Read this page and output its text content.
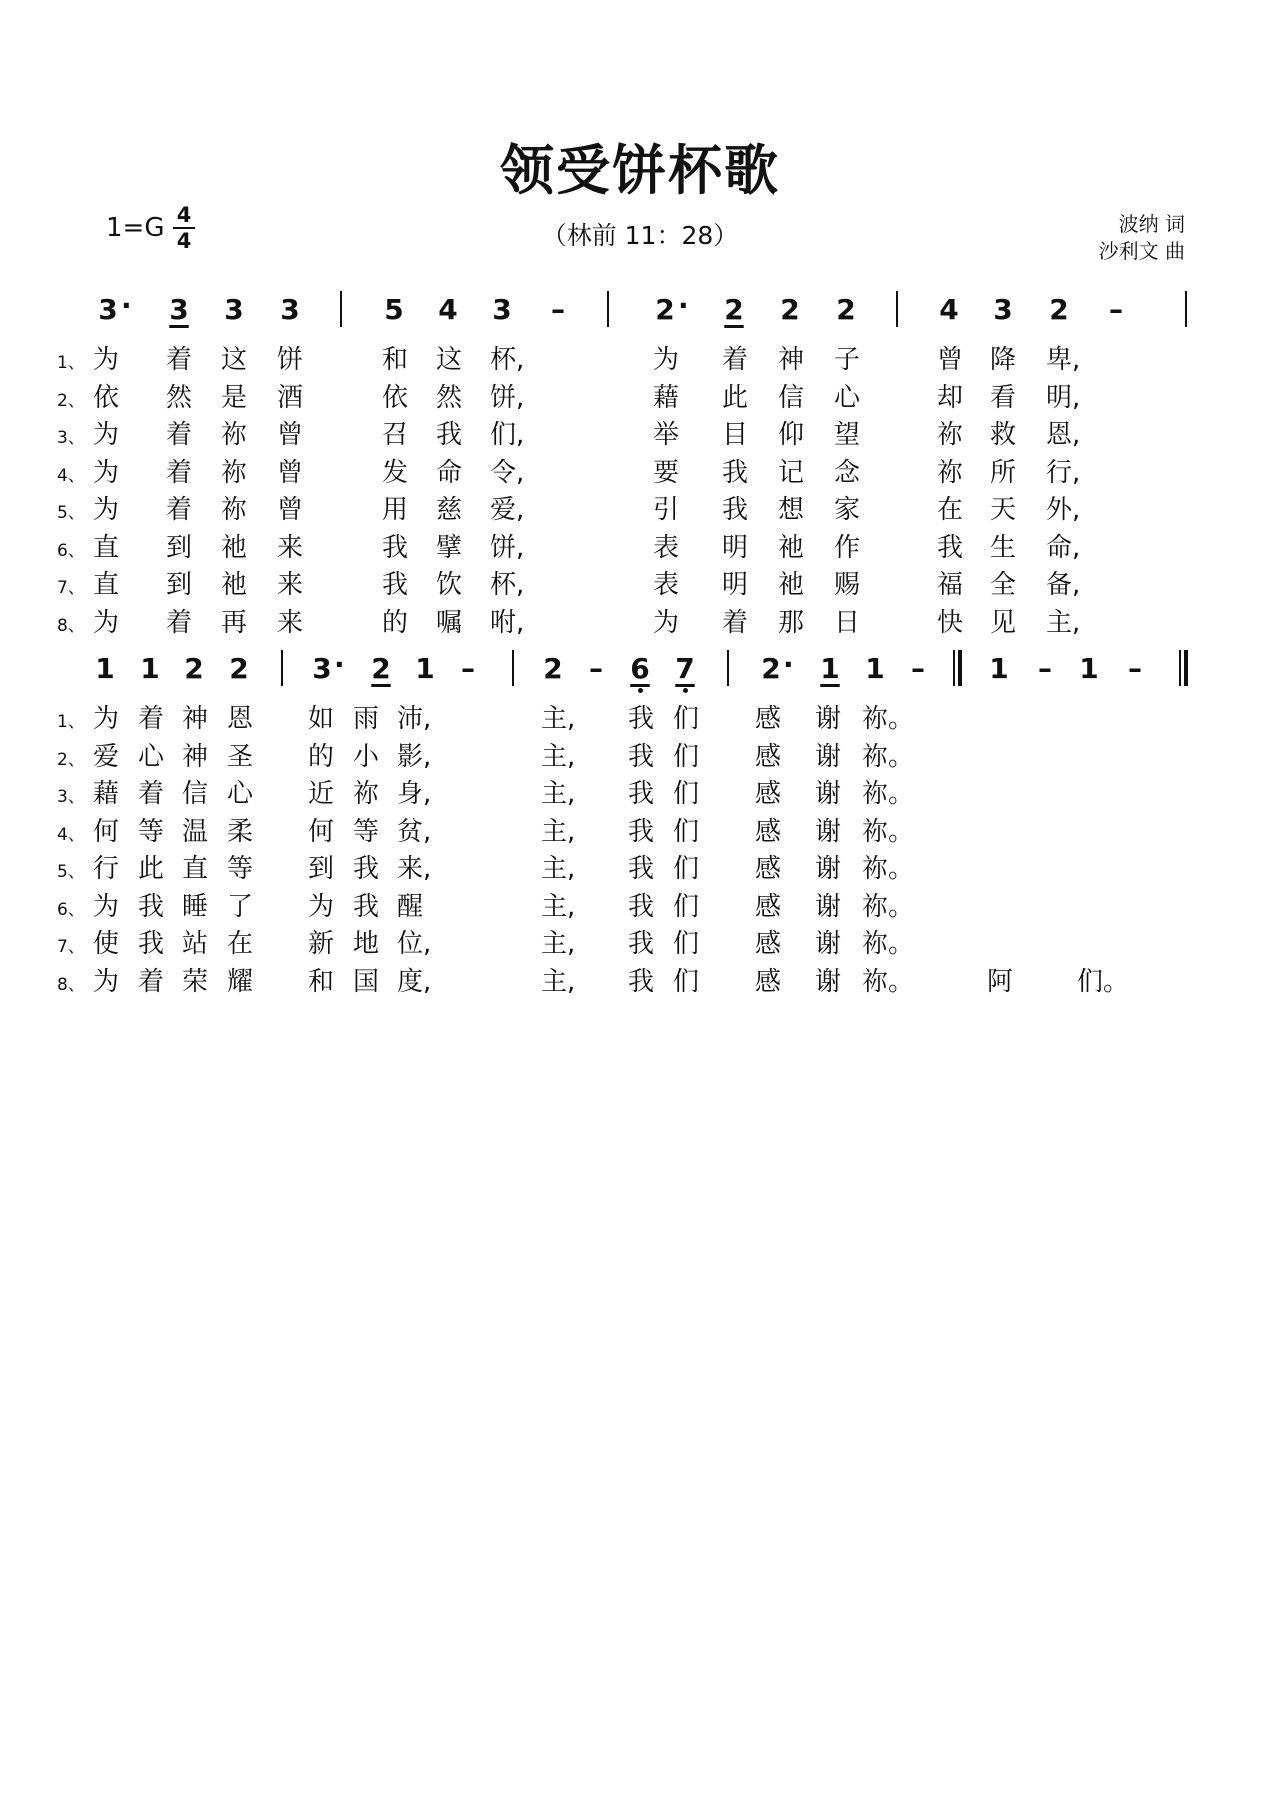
领受饼杯歌
1=G 4
4	（林前 11：28）	波纳 词
沙利文 曲
3 · 3 3 3	5 4 3 –	2 · 2 2 2	4 3 2 –
1、 为 着 这 饼	和 这 杯,	为 着 神 子	曾 降 卑,
2、 依 然 是 酒	依 然 饼,	藉 此 信 心	却 看 明,
3、 为 着 祢 曾	召 我 们,	举 目 仰 望	祢 救 恩,
4、 为 着 祢 曾	发 命 令,	要 我 记 念	祢 所 行,
5、 为 着 祢 曾	用 慈 爱,	引 我 想 家	在 天 外,
6、 直 到 祂 来	我 擘 饼,	表 明 祂 作	我 生 命,
7、 直 到 祂 来	我 饮 杯,	表 明 祂 赐	福 全 备,
8、 为 着 再 来	的 嘱 咐,	为 着 那 日	快 见 主,
1 1 2 2 3 · 2 1 – 2 – 6 7 2 · 1 1 – 1 – 1 –
1、 为 着 神 恩 如 雨 沛,	主, 我 们 感 谢 祢。
2、 爱 心 神 圣 的 小 影,	主, 我 们 感 谢 祢。
3、 藉 着 信 心 近 祢 身,	主, 我 们 感 谢 祢。
4、 何 等 温 柔 何 等 贫,	主, 我 们 感 谢 祢。
5、 行 此 直 等 到 我 来,	主, 我 们 感 谢 祢。
6、 为 我 睡 了 为 我 醒	主, 我 们 感 谢 祢。
7、 使 我 站 在 新 地 位,	主, 我 们 感 谢 祢。
8、 为 着 荣 耀 和 国 度,	主, 我 们 感 谢 祢。	阿 们。
